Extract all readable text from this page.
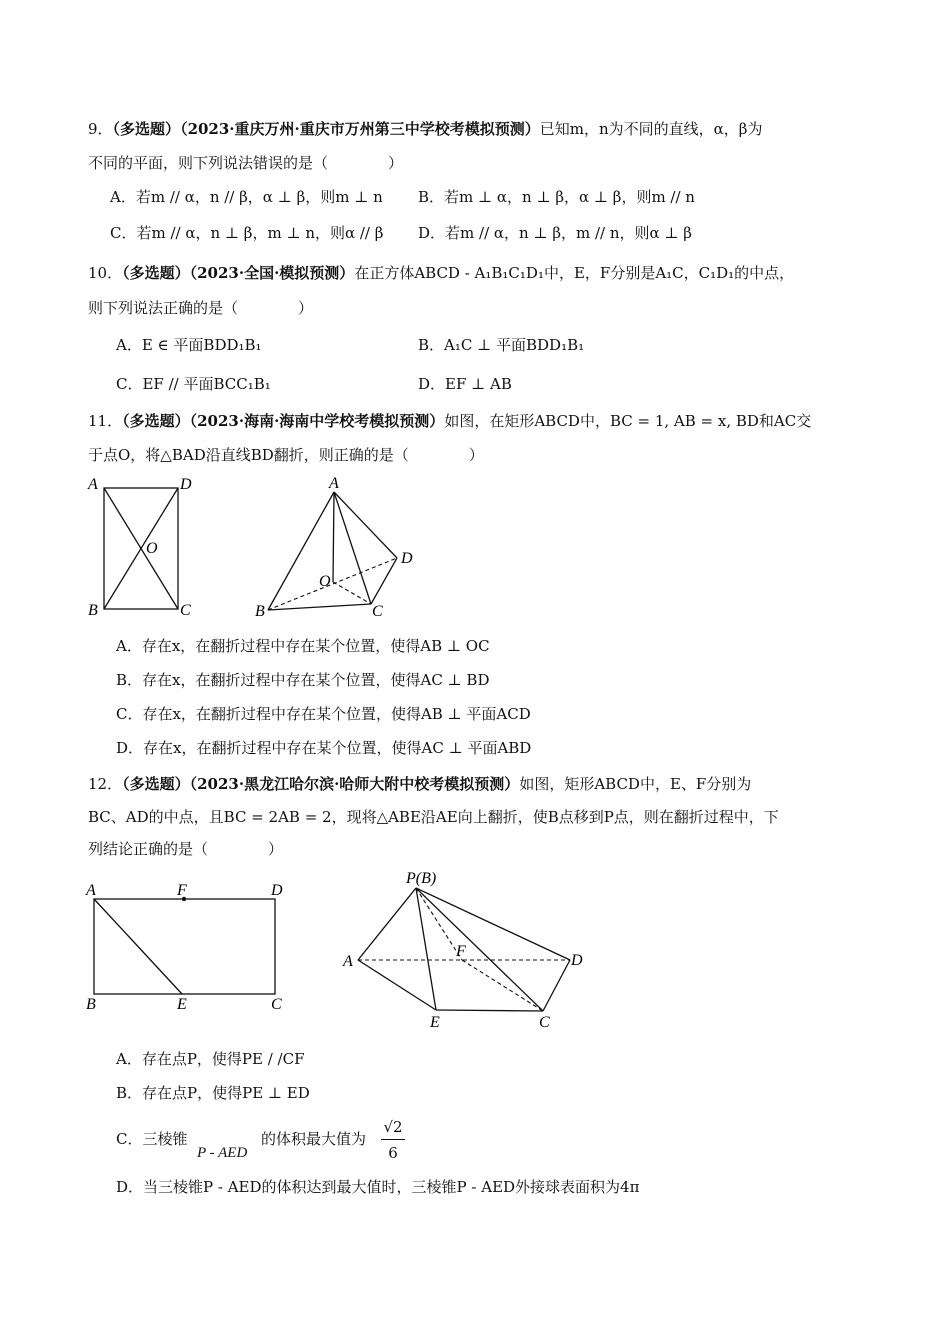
9．（多选题）（2023·重庆万州·重庆市万州第三中学校考模拟预测）已知m，n为不同的直线，α，β为
不同的平面，则下列说法错误的是（　　　　）
A．若m // α，n // β，α ⊥ β，则m ⊥ n B．若m ⊥ α，n ⊥ β，α ⊥ β，则m // n
C．若m // α，n ⊥ β，m ⊥ n，则α // β D．若m // α，n ⊥ β，m // n，则α ⊥ β
10．（多选题）（2023·全国·模拟预测）在正方体ABCD - A₁B₁C₁D₁中，E，F分别是A₁C，C₁D₁的中点，
则下列说法正确的是（　　　　）
A．E ∈ 平面BDD₁B₁	B．A₁C ⊥ 平面BDD₁B₁
C．EF // 平面BCC₁B₁	D．EF ⊥ AB
11．（多选题）（2023·海南·海南中学校考模拟预测）如图，在矩形ABCD中，BC = 1, AB = x, BD和AC交
于点O，将△BAD沿直线BD翻折，则正确的是（　　　　）
A	D
O
B	C
A
D
O
B	C
A．存在x，在翻折过程中存在某个位置，使得AB ⊥ OC
B．存在x，在翻折过程中存在某个位置，使得AC ⊥ BD
C．存在x，在翻折过程中存在某个位置，使得AB ⊥ 平面ACD
D．存在x，在翻折过程中存在某个位置，使得AC ⊥ 平面ABD
12．（多选题）（2023·黑龙江哈尔滨·哈师大附中校考模拟预测）如图，矩形ABCD中，E、F分别为
BC、AD的中点，且BC = 2AB = 2，现将△ABE沿AE向上翻折，使B点移到P点，则在翻折过程中，下
列结论正确的是（　　　　）
A	F	D
B	E	C
P(B)
A
F
D
E	C
A．存在点P，使得PE / /CF
B．存在点P，使得PE ⊥ ED
C．三棱锥
P - AED
的体积最大值为
√2
6
D．当三棱锥P - AED的体积达到最大值时，三棱锥P - AED外接球表面积为4π
